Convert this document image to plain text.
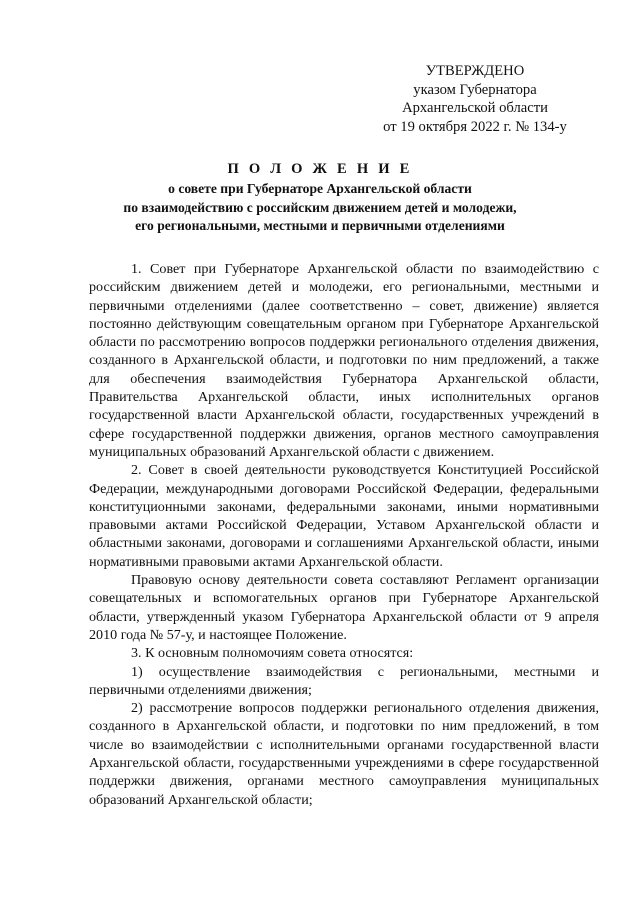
УТВЕРЖДЕНО
указом Губернатора
Архангельской области
от 19 октября 2022 г. № 134-у
П О Л О Ж Е Н И Е
о совете при Губернаторе Архангельской области
по взаимодействию с российским движением детей и молодежи,
его региональными, местными и первичными отделениями

1. Совет при Губернаторе Архангельской области по взаимодействию с российским движением детей и молодежи, его региональными, местными и первичными отделениями (далее соответственно – совет, движение) является постоянно действующим совещательным органом при Губернаторе Архангельской области по рассмотрению вопросов поддержки регионального отделения движения, созданного в Архангельской области, и подготовки по ним предложений, а также для обеспечения взаимодействия Губернатора Архангельской области, Правительства Архангельской области, иных исполнительных органов государственной власти Архангельской области, государственных учреждений в сфере государственной поддержки движения, органов местного самоуправления муниципальных образований Архангельской области с движением.

2. Совет в своей деятельности руководствуется Конституцией Российской Федерации, международными договорами Российской Федерации, федеральными конституционными законами, федеральными законами, иными нормативными правовыми актами Российской Федерации, Уставом Архангельской области и областными законами, договорами и соглашениями Архангельской области, иными нормативными правовыми актами Архангельской области.

Правовую основу деятельности совета составляют Регламент организации совещательных и вспомогательных органов при Губернаторе Архангельской области, утвержденный указом Губернатора Архангельской области от 9 апреля 2010 года № 57-у, и настоящее Положение.

3. К основным полномочиям совета относятся:

1) осуществление взаимодействия с региональными, местными и первичными отделениями движения;

2) рассмотрение вопросов поддержки регионального отделения движения, созданного в Архангельской области, и подготовки по ним предложений, в том числе во взаимодействии с исполнительными органами государственной власти Архангельской области, государственными учреждениями в сфере государственной поддержки движения, органами местного самоуправления муниципальных образований Архангельской области;
